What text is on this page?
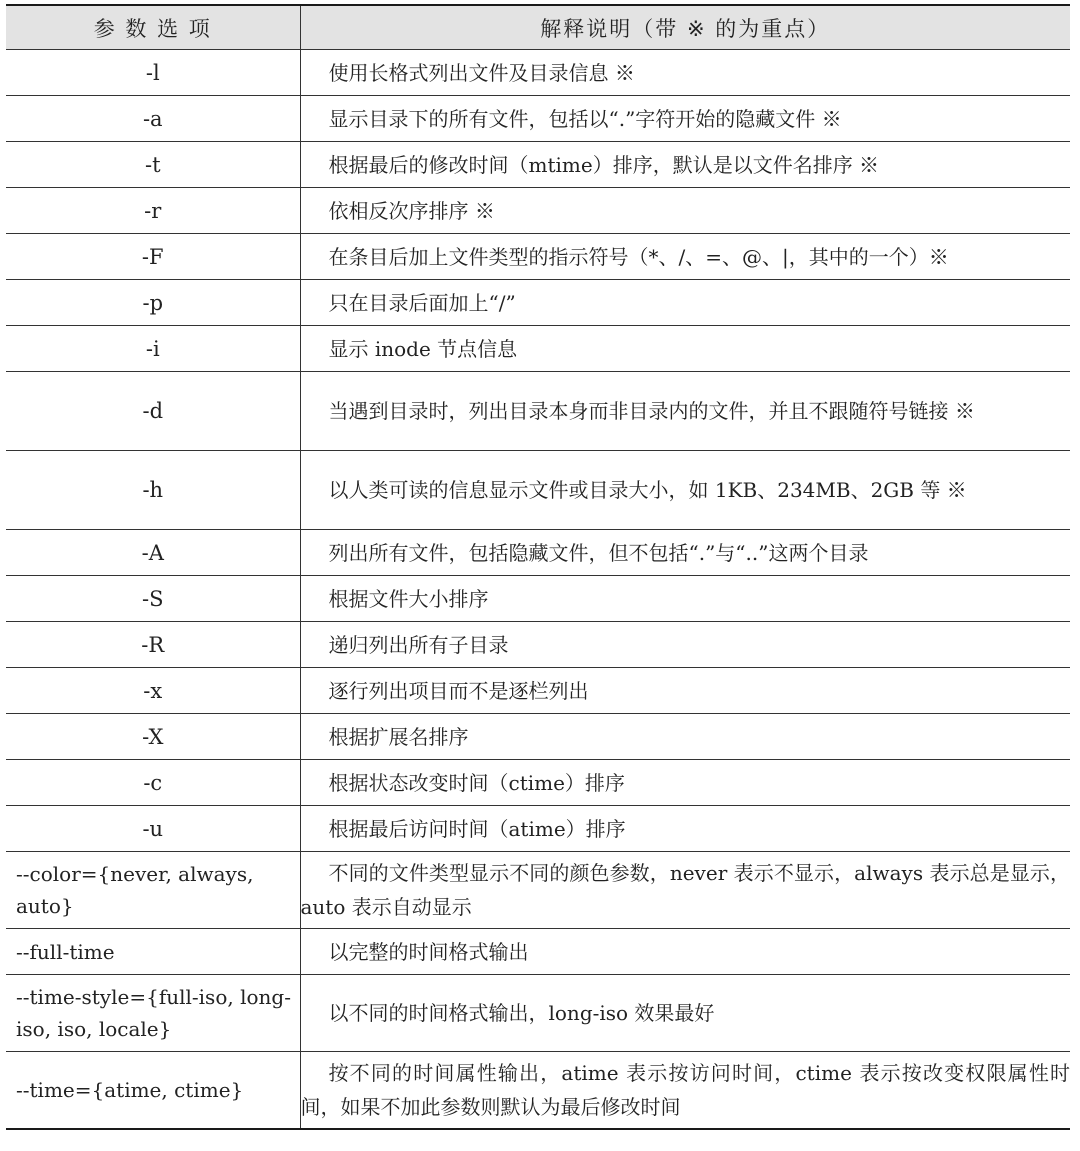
参 数 选 项	解释说明（带 ※ 的为重点）
-l	使用长格式列出文件及目录信息 ※
-a	显示目录下的所有文件，包括以“.”字符开始的隐藏文件 ※
-t	根据最后的修改时间（mtime）排序，默认是以文件名排序 ※
-r	依相反次序排序 ※
-F	在条目后加上文件类型的指示符号（*、/、=、@、|，其中的一个）※
-p	只在目录后面加上“/”
-i	显示 inode 节点信息
-d	当遇到目录时，列出目录本身而非目录内的文件，并且不跟随符号链接 ※
-h	以人类可读的信息显示文件或目录大小，如 1KB、234MB、2GB 等 ※
-A	列出所有文件，包括隐藏文件，但不包括“.”与“..”这两个目录
-S	根据文件大小排序
-R	递归列出所有子目录
-x	逐行列出项目而不是逐栏列出
-X	根据扩展名排序
-c	根据状态改变时间（ctime）排序
-u	根据最后访问时间（atime）排序
--color={never, always, auto}	不同的文件类型显示不同的颜色参数，never 表示不显示，always 表示总是显示，auto 表示自动显示
--full-time	以完整的时间格式输出
--time-style={full-iso, long-iso, iso, locale}	以不同的时间格式输出，long-iso 效果最好
--time={atime, ctime}	按不同的时间属性输出，atime 表示按访问时间，ctime 表示按改变权限属性时间，如果不加此参数则默认为最后修改时间
